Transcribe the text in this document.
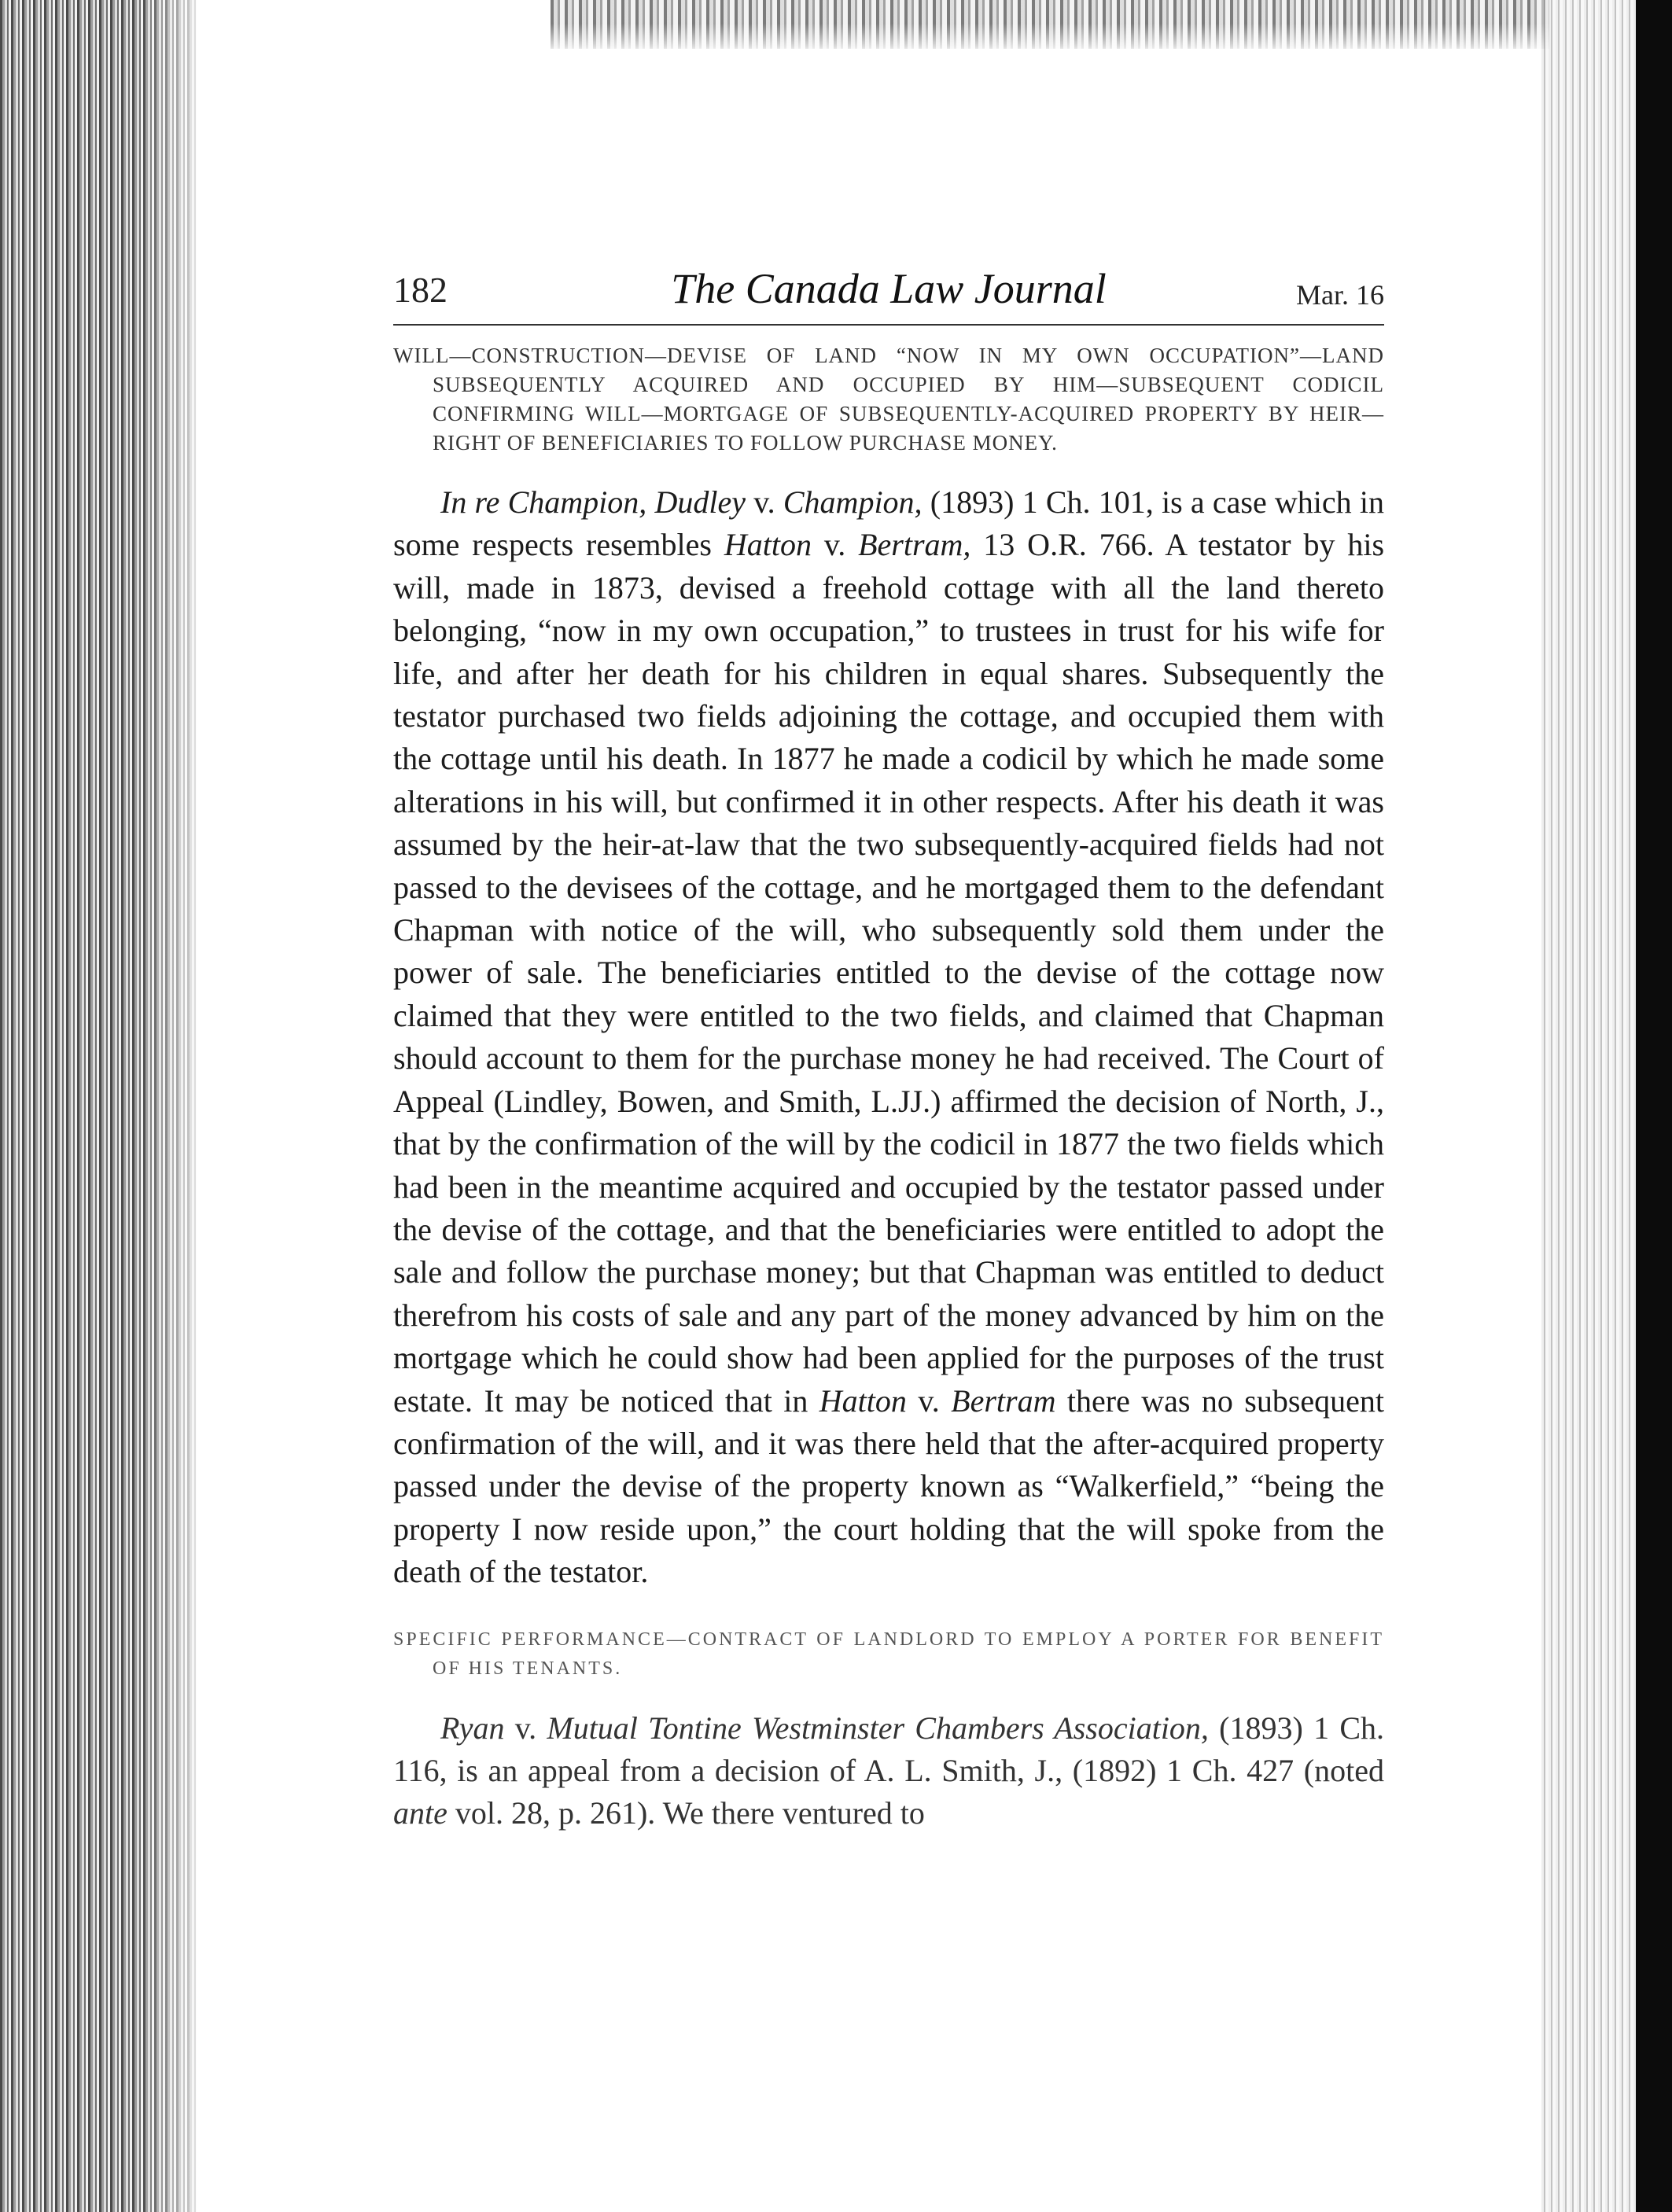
182	The Canada Law Journal	Mar. 16
WILL—CONSTRUCTION—DEVISE OF LAND “NOW IN MY OWN OCCUPATION”—LAND SUBSEQUENTLY ACQUIRED AND OCCUPIED BY HIM—SUBSEQUENT CODICIL CONFIRMING WILL—MORTGAGE OF SUBSEQUENTLY-ACQUIRED PROPERTY BY HEIR—RIGHT OF BENEFICIARIES TO FOLLOW PURCHASE MONEY.

In re Champion, Dudley v. Champion, (1893) 1 Ch. 101, is a case which in some respects resembles Hatton v. Bertram, 13 O.R. 766. A testator by his will, made in 1873, devised a freehold cottage with all the land thereto belonging, “now in my own occupation,” to trustees in trust for his wife for life, and after her death for his children in equal shares. Subsequently the testator purchased two fields adjoining the cottage, and occupied them with the cottage until his death. In 1877 he made a codicil by which he made some alterations in his will, but confirmed it in other respects. After his death it was assumed by the heir-at-law that the two subsequently-acquired fields had not passed to the devisees of the cottage, and he mortgaged them to the defendant Chapman with notice of the will, who subsequently sold them under the power of sale. The beneficiaries entitled to the devise of the cottage now claimed that they were entitled to the two fields, and claimed that Chapman should account to them for the purchase money he had received. The Court of Appeal (Lindley, Bowen, and Smith, L.JJ.) affirmed the decision of North, J., that by the confirmation of the will by the codicil in 1877 the two fields which had been in the meantime acquired and occupied by the testator passed under the devise of the cottage, and that the beneficiaries were entitled to adopt the sale and follow the purchase money; but that Chapman was entitled to deduct therefrom his costs of sale and any part of the money advanced by him on the mortgage which he could show had been applied for the purposes of the trust estate. It may be noticed that in Hatton v. Bertram there was no subsequent confirmation of the will, and it was there held that the after-acquired property passed under the devise of the property known as “Walkerfield,” “being the property I now reside upon,” the court holding that the will spoke from the death of the testator.

SPECIFIC PERFORMANCE—CONTRACT OF LANDLORD TO EMPLOY A PORTER FOR BENEFIT OF HIS TENANTS.

Ryan v. Mutual Tontine Westminster Chambers Association, (1893) 1 Ch. 116, is an appeal from a decision of A. L. Smith, J., (1892) 1 Ch. 427 (noted ante vol. 28, p. 261). We there ventured to
